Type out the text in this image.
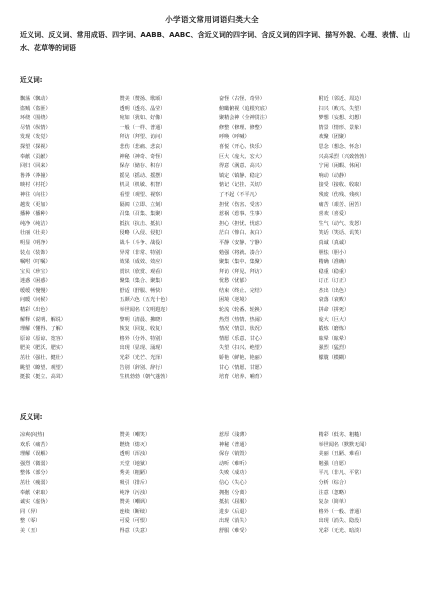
小学语文常用词语归类大全
近义词、反义词、常用成语、四字词、AABB、AABC、含近义词的四字词、含反义词的四字词、描写外貌、心理、表情、山水、花草等的词语
近义词:
飘荡（飘动）	赞美（赞扬、歌颂）	奋怪（古怪、奇异）	附近（邻近、周边）
盗贼（盗匪）	透明（透亮、晶莹）	俯瞰俯视（追根究底）	扫兴（败兴、失望）
环绕（围绕）	宛如（犹如、好像）	聚精会神（全神贯注）	梦想（妄想、幻想）
尽情（纵情）	一般（一样、普通）	修整（修理、修整）	情景（情形、景象）
发现（发觉）	拜访（拜望、访问）	呼唤（呼喊）	欢聚（团聚）
探望（探视）	悲伤（悲痛、悲哀）	喜悦（开心、快乐）	思念（想念、怀念）
奉献（贡献）	神秘（神奇、奇怪）	巨大（庞大、宏大）	兴高采烈（兴致勃勃）
回归（回来）	保存（储存、积存）	得意（满意、高兴）	宁闲（闲暇、休闲）
鲁莽（莽撞）	摇晃（摇动、摇摆）	镇定（镇静、稳定）	响动（动静）
映衬（衬托）	机灵（机敏、机智）	惦记（记挂、关切）	接受（接收、收取）
神往（向往）	看望（观望、视察）	了不起（不平凡）	残废（伤残、残疾）
越发（更加）	隔阂（立即、立刻）	担忧（伤害、受害）	痛苦（艰苦、困苦）
播种（播种）	召集（召集、集聚）	惹祸（惹事、生事）	喜欢（喜爱）
纯净（纯洁）	抵抗（抗击、抵抗）	担心（担忧、忧虑）	生气（动气、发怒）
壮丽（壮美）	侵略（入侵、侵犯）	茫白（惨白、灰白）	笑话（笑话、讥笑）
明显（明净）	战斗（斗争、战役）	平静（安静、宁静）	真诚（真诚）
装点（装饰）	异常（非常、特别）	勉强（将就、凑合）	胆怯（胆小）
嘱咐（叮嘱）	效果（成效、效应）	聚集（集中、集聚）	精确（准确）
宝贝（珍宝）	赏识（欣赏、观看）	拜访（拜见、拜访）	稳重（稳重）
迷惑（困惑）	聚集（集合、聚集）	忧愁（忧郁）	订正（订正）
缓缓（慢慢）	舒适（舒服、畅快）	结束（终止、完结）	杰出（出色）
问暖（问候）	五颜六色（五光十色）	困境（逆境）	衰落（衰败）
精彩（出色）	举世闻名（文明遐迩）	轮流（轮番、轮换）	拼命（拼死）
解释（说明、解说）	黎明（清晨、拂晓）	热烈（热情、热闹）	庞大（巨大）
理解（懂得、了解）	恢复（回复、收复）	情况（情景、状况）	锻炼（磨炼）
原谅（原谅、宽容）	格外（分外、特别）	情愿（乐意、甘心）	眩晕（眩晕）
肥美（肥沃、肥实）	出现（显现、涌现）	失望（扫兴、绝望）	强烈（猛烈）
茁壮（强壮、健壮）	光彩（光芒、光泽）	娇艳（鲜艳、艳丽）	朦胧（模糊）
眺望（瞭望、观望）	告别（辞别、辞行）	甘心（情愿、甘愿）
挺拔（挺立、高耸）	生机勃勃（朝气蓬勃）	培育（培养、哺育）
反义词:
凉爽(闷热)	赞美（嘲笑）	惹厚（浅薄）	精彩（低劣、粗糙）
欢乐（痛苦）	燃烧（熄灭）	神秘（普通）	举世闻名（默默无闻）
理解（误解）	透明（浑浊）	保存（销毁）	美丽（丑陋、难看）
强烈（微弱）	天堂（地狱）	动听（难听）	勉强（自愿）
整体（部分）	秀美（粗陋）	失败（成功）	平凡（非凡、平常）
茁壮（瘦弱）	吸引（排斥）	信心（失心）	分析（综合）
奉献（索取）	纯净（污浊）	拥抱（分离）	注意（忽略）
诚实（虚伪）	赞美（嘲讽）	抵抗（屈服）	复杂（简单）
同（异）	连续（断续）	进步（后退）	格外（一般、普通）
整（零）	可爱（可恨）	出现（消失）	出现（消失、隐没）
美（丑）	得意（失意）	舒服（难受）	光彩（无光、暗淡）
